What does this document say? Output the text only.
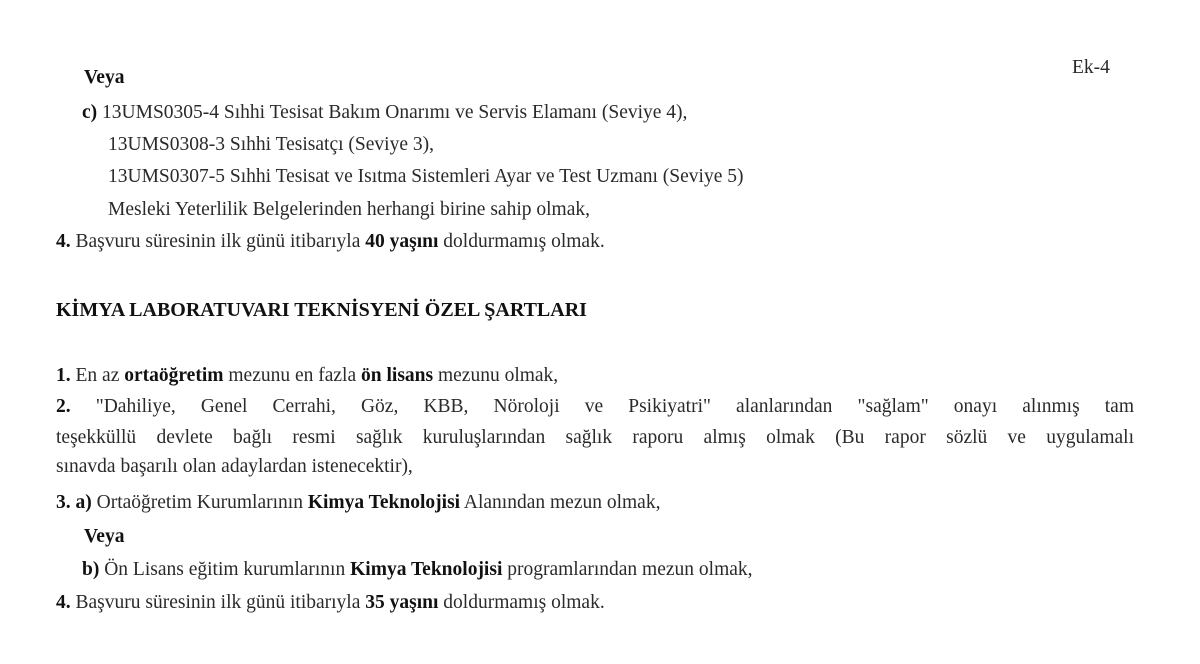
Ek-4
Veya
c) 13UMS0305-4 Sıhhi Tesisat Bakım Onarımı ve Servis Elamanı (Seviye 4),
13UMS0308-3 Sıhhi Tesisatçı (Seviye 3),
13UMS0307-5 Sıhhi Tesisat ve Isıtma Sistemleri Ayar ve Test Uzmanı (Seviye 5)
Mesleki Yeterlilik Belgelerinden herhangi birine sahip olmak,
4. Başvuru süresinin ilk günü itibarıyla 40 yaşını doldurmamış olmak.
KİMYA LABORATUVARI TEKNİSYENİ ÖZEL ŞARTLARI
1. En az ortaöğretim mezunu en fazla ön lisans mezunu olmak,
2. "Dahiliye, Genel Cerrahi, Göz, KBB, Nöroloji ve Psikiyatri" alanlarından "sağlam" onayı alınmış tam
teşekküllü devlete bağlı resmi sağlık kuruluşlarından sağlık raporu almış olmak (Bu rapor sözlü ve uygulamalı
sınavda başarılı olan adaylardan istenecektir),
3. a) Ortaöğretim Kurumlarının Kimya Teknolojisi Alanından mezun olmak,
Veya
b) Ön Lisans eğitim kurumlarının Kimya Teknolojisi programlarından mezun olmak,
4. Başvuru süresinin ilk günü itibarıyla 35 yaşını doldurmamış olmak.
